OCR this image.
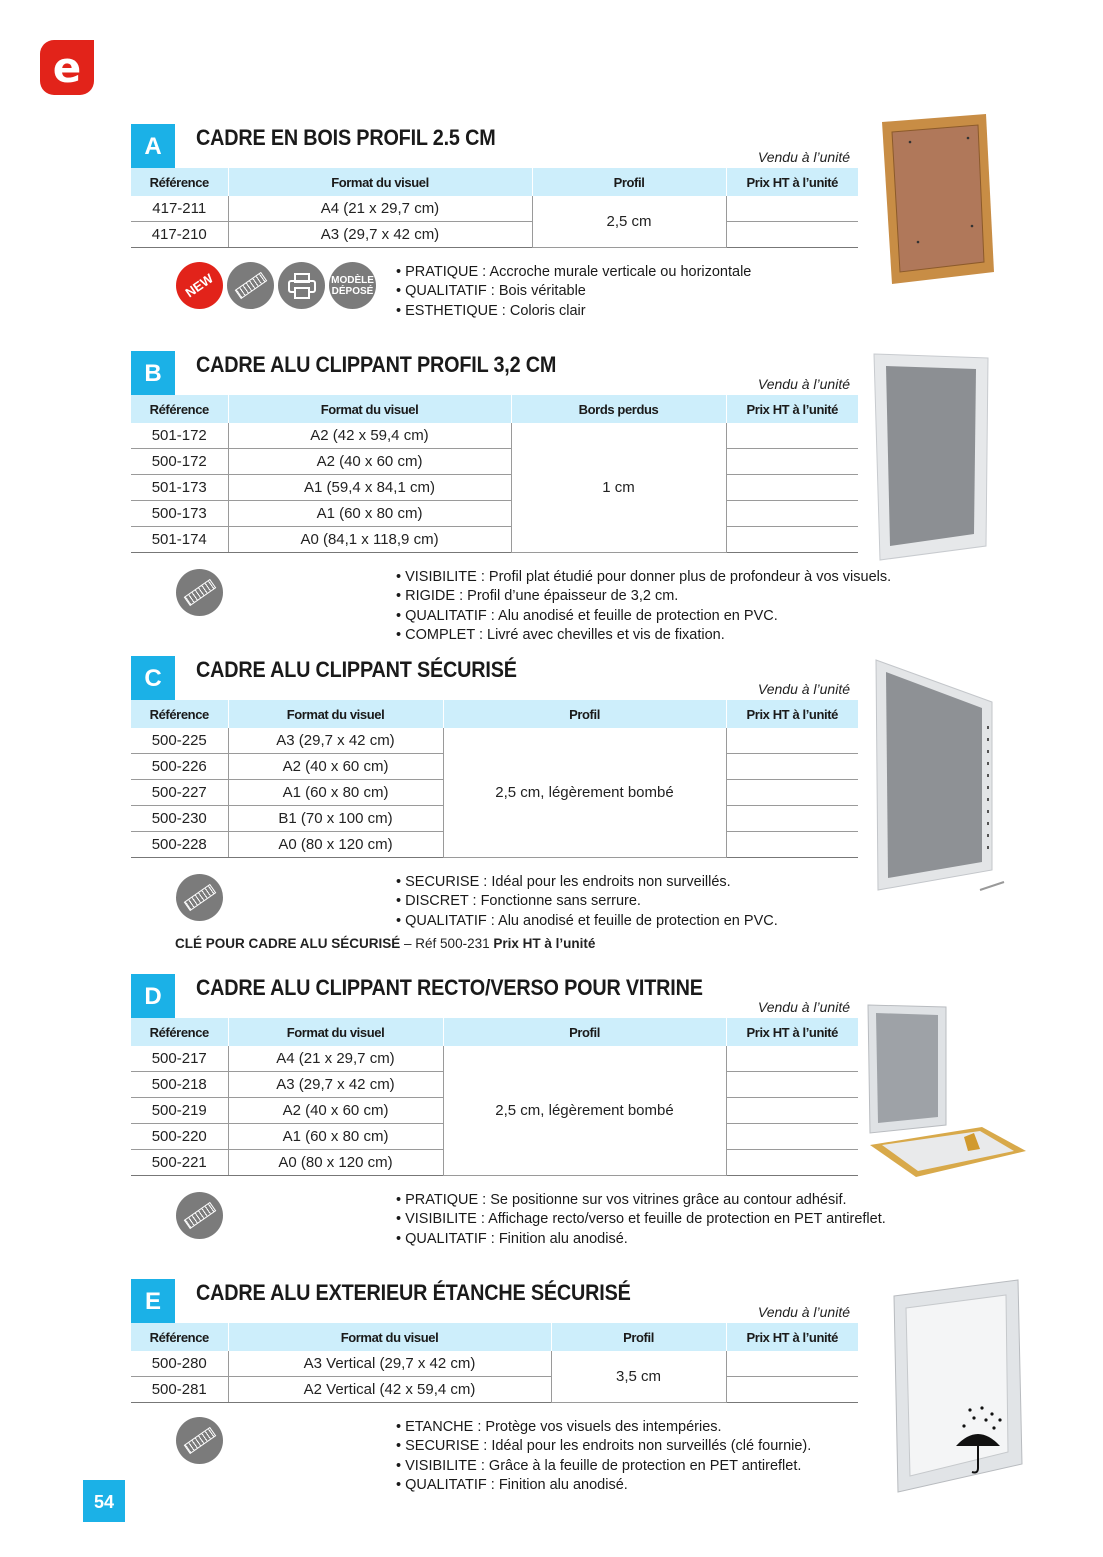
e
A	CADRE EN BOIS PROFIL 2.5 CM
Vendu à l’unité
Référence	Format du visuel	Profil	Prix HT à l’unité
417-211	A4 (21 x 29,7 cm)	2,5 cm	
417-210	A3 (29,7 x 42 cm)		
NEW	MODÈLE
DÉPOSÉ
• PRATIQUE : Accroche murale verticale ou horizontale
• QUALITATIF : Bois véritable
• ESTHETIQUE : Coloris clair
B	CADRE ALU CLIPPANT PROFIL 3,2 CM
Vendu à l’unité
Référence	Format du visuel	Bords perdus	Prix HT à l’unité
501-172	A2 (42 x 59,4 cm)	1 cm	
500-172	A2 (40 x 60 cm)		
501-173	A1 (59,4 x 84,1 cm)		
500-173	A1 (60 x 80 cm)		
501-174	A0 (84,1 x 118,9 cm)		
• VISIBILITE : Profil plat étudié pour donner plus de profondeur à vos visuels.
• RIGIDE : Profil d’une épaisseur de 3,2 cm.
• QUALITATIF : Alu anodisé et feuille de protection en PVC.
• COMPLET : Livré avec chevilles et vis de fixation.
C	CADRE ALU CLIPPANT SÉCURISÉ
Vendu à l’unité
Référence	Format du visuel	Profil	Prix HT à l’unité
500-225	A3 (29,7 x 42 cm)	2,5 cm, légèrement bombé	
500-226	A2 (40 x 60 cm)		
500-227	A1 (60 x 80 cm)		
500-230	B1 (70 x 100 cm)		
500-228	A0 (80 x 120 cm)		
• SECURISE : Idéal pour les endroits non surveillés.
• DISCRET : Fonctionne sans serrure.
• QUALITATIF : Alu anodisé et feuille de protection en PVC.
CLÉ POUR CADRE ALU SÉCURISÉ – Réf 500-231 Prix HT à l’unité
D	CADRE ALU CLIPPANT RECTO/VERSO POUR VITRINE
Vendu à l’unité
Référence	Format du visuel	Profil	Prix HT à l’unité
500-217	A4 (21 x 29,7 cm)	2,5 cm, légèrement bombé	
500-218	A3 (29,7 x 42 cm)		
500-219	A2 (40 x 60 cm)		
500-220	A1 (60 x 80 cm)		
500-221	A0 (80 x 120 cm)		
• PRATIQUE : Se positionne sur vos vitrines grâce au contour adhésif.
• VISIBILITE : Affichage recto/verso et feuille de protection en PET antireflet.
• QUALITATIF : Finition alu anodisé.
E	CADRE ALU EXTERIEUR ÉTANCHE SÉCURISÉ
Vendu à l’unité
Référence	Format du visuel	Profil	Prix HT à l’unité
500-280	A3 Vertical (29,7 x 42 cm)	3,5 cm	
500-281	A2 Vertical (42 x 59,4 cm)		
• ETANCHE : Protège vos visuels des intempéries.
• SECURISE : Idéal pour les endroits non surveillés (clé fournie).
• VISIBILITE : Grâce à la feuille de protection en PET antireflet.
• QUALITATIF : Finition alu anodisé.
54
